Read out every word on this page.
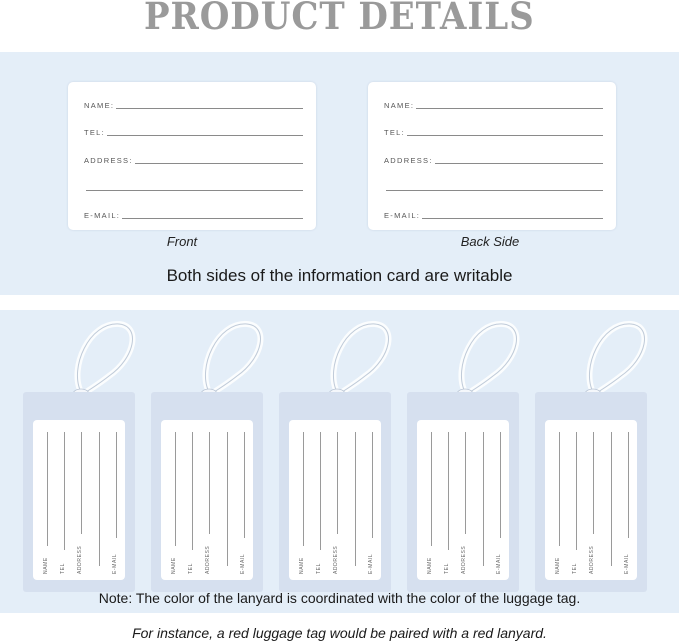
PRODUCT DETAILS
NAME:
TEL:
ADDRESS:
E-MAIL:
Front
NAME:
TEL:
ADDRESS:
E-MAIL:
Back Side
Both sides of the information card are writable
NAME TEL ADDRESS	E-MAIL	NAME TEL ADDRESS	E-MAIL	NAME TEL ADDRESS	E-MAIL	NAME TEL ADDRESS	E-MAIL	NAME TEL ADDRESS	E-MAIL
Note: The color of the lanyard is coordinated with the color of the luggage tag.
For instance, a red luggage tag would be paired with a red lanyard.
